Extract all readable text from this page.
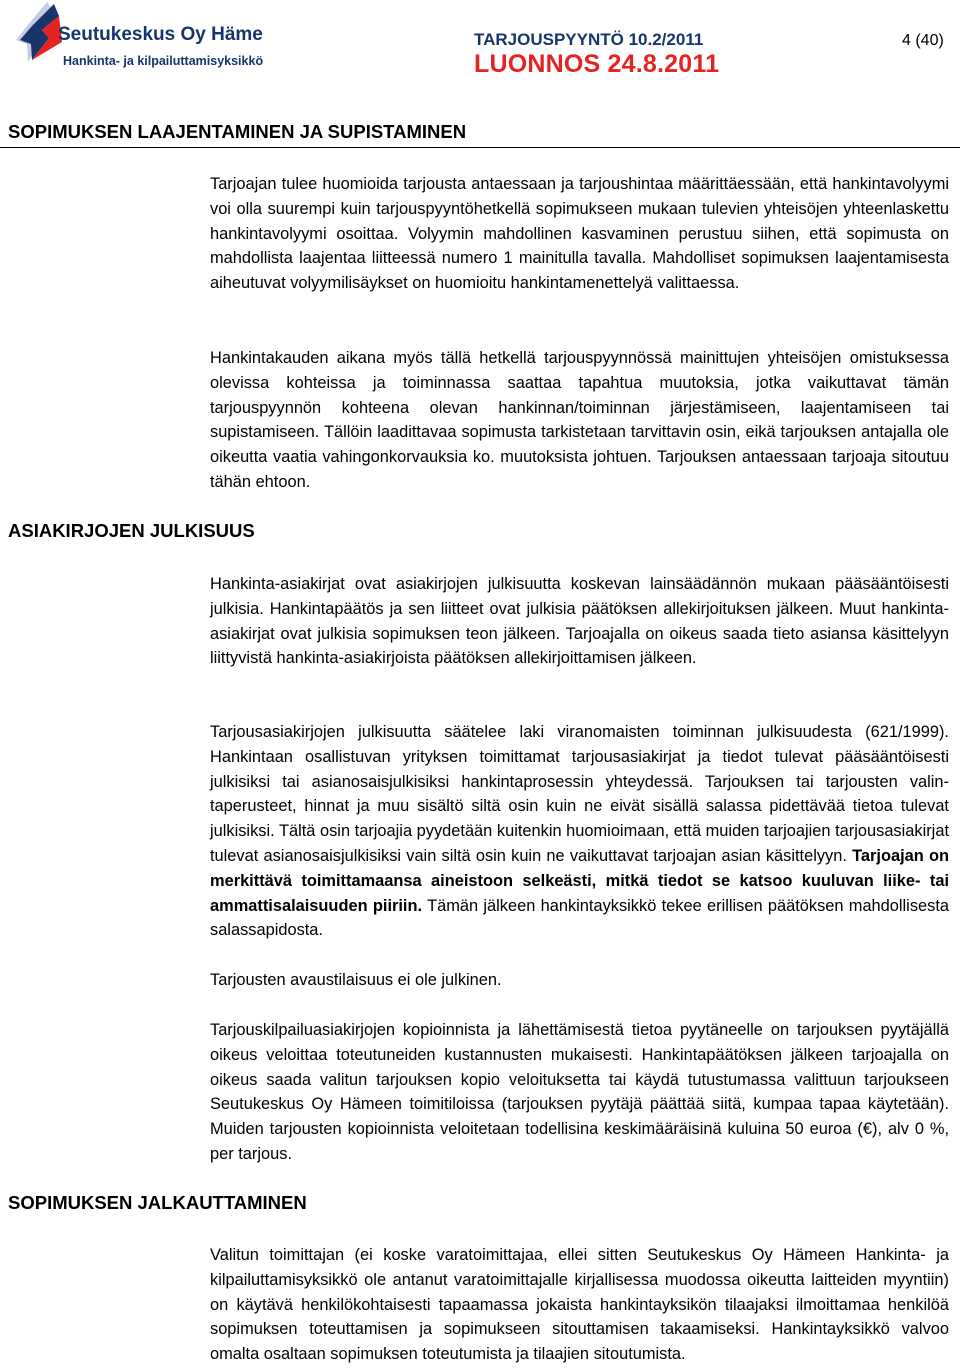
Seutukeskus Oy Häme
Hankinta- ja kilpailuttamisyksikkö
TARJOUSPYYNTÖ 10.2/2011
LUONNOS 24.8.2011
4 (40)
SOPIMUKSEN LAAJENTAMINEN JA SUPISTAMINEN

Tarjoajan tulee huomioida tarjousta antaessaan ja tarjoushintaa määrittäessään, että hankintavolyymi voi olla suurempi kuin tarjouspyyntöhetkellä sopimukseen mukaan tulevien yhteisöjen yhteenlaskettu hankintavolyymi osoittaa. Volyymin mahdollinen kasvaminen perustuu siihen, että sopimusta on mahdollista laajentaa liitteessä numero 1 mainitulla tavalla. Mahdolliset sopimuksen laajentamisesta aiheutuvat volyymilisäykset on huomioitu hankintamenettelyä valittaessa.

Hankintakauden aikana myös tällä hetkellä tarjouspyynnössä mainittujen yhteisöjen omistuksessa olevissa kohteissa ja toiminnassa saattaa tapahtua muutoksia, jotka vaikuttavat tämän tarjouspyynnön kohteena olevan hankinnan/toiminnan järjestämiseen, laajentamiseen tai supistamiseen. Tällöin laadittavaa sopimusta tarkistetaan tarvittavin osin, eikä tarjouksen antajalla ole oikeutta vaatia vahingonkorvauksia ko. muutoksista johtuen. Tarjouksen antaessaan tarjoaja sitoutuu tähän ehtoon.

ASIAKIRJOJEN JULKISUUS

Hankinta-asiakirjat ovat asiakirjojen julkisuutta koskevan lainsäädännön mukaan pääsääntöisesti julkisia. Hankintapäätös ja sen liitteet ovat julkisia päätöksen allekirjoituksen jälkeen. Muut hankinta-asiakirjat ovat julkisia sopimuksen teon jälkeen. Tarjoajalla on oikeus saada tieto asiansa käsittelyyn liittyvistä hankinta-asiakirjoista päätöksen allekirjoittamisen jälkeen.

Tarjousasiakirjojen julkisuutta säätelee laki viranomaisten toiminnan julkisuudesta (621/1999). Hankintaan osallistuvan yrityksen toimittamat tarjousasiakirjat ja tiedot tulevat pääsääntöisesti julkisiksi tai asianosaisjulkisiksi hankintaprosessin yhteydessä. Tarjouksen tai tarjousten valintaperusteet, hinnat ja muu sisältö siltä osin kuin ne eivät sisällä salassa pidettävää tietoa tulevat julkisiksi. Tältä osin tarjoajia pyydetään kuitenkin huomioimaan, että muiden tarjoajien tarjousasiakirjat tulevat asianosaisjulkisiksi vain siltä osin kuin ne vaikuttavat tarjoajan asian käsittelyyn. Tarjoajan on merkittävä toimittamaansa aineistoon selkeästi, mitkä tiedot se katsoo kuuluvan liike- tai ammattisalaisuuden piiriin. Tämän jälkeen hankintayksikkö tekee erillisen päätöksen mahdollisesta salassapidosta.

Tarjousten avaustilaisuus ei ole julkinen.

Tarjouskilpailuasiakirjojen kopioinnista ja lähettämisestä tietoa pyytäneelle on tarjouksen pyytäjällä oikeus veloittaa toteutuneiden kustannusten mukaisesti. Hankintapäätöksen jälkeen tarjoajalla on oikeus saada valitun tarjouksen kopio veloituksetta tai käydä tutustumassa valittuun tarjoukseen Seutukeskus Oy Hämeen toimitiloissa (tarjouksen pyytäjä päättää siitä, kumpaa tapaa käytetään). Muiden tarjousten kopioinnista veloitetaan todellisina keskimääräisinä kuluina 50 euroa (€), alv 0 %, per tarjous.

SOPIMUKSEN JALKAUTTAMINEN

Valitun toimittajan (ei koske varatoimittajaa, ellei sitten Seutukeskus Oy Hämeen Hankinta- ja kilpailuttamisyksikkö ole antanut varatoimittajalle kirjallisessa muodossa oikeutta laitteiden myyntiin) on käytävä henkilökohtaisesti tapaamassa jokaista hankintayksikön tilaajaksi ilmoittamaa henkilöä sopimuksen toteuttamisen ja sopimukseen sitouttamisen takaamiseksi. Hankintayksikkö valvoo omalta osaltaan sopimuksen toteutumista ja tilaajien sitoutumista.
